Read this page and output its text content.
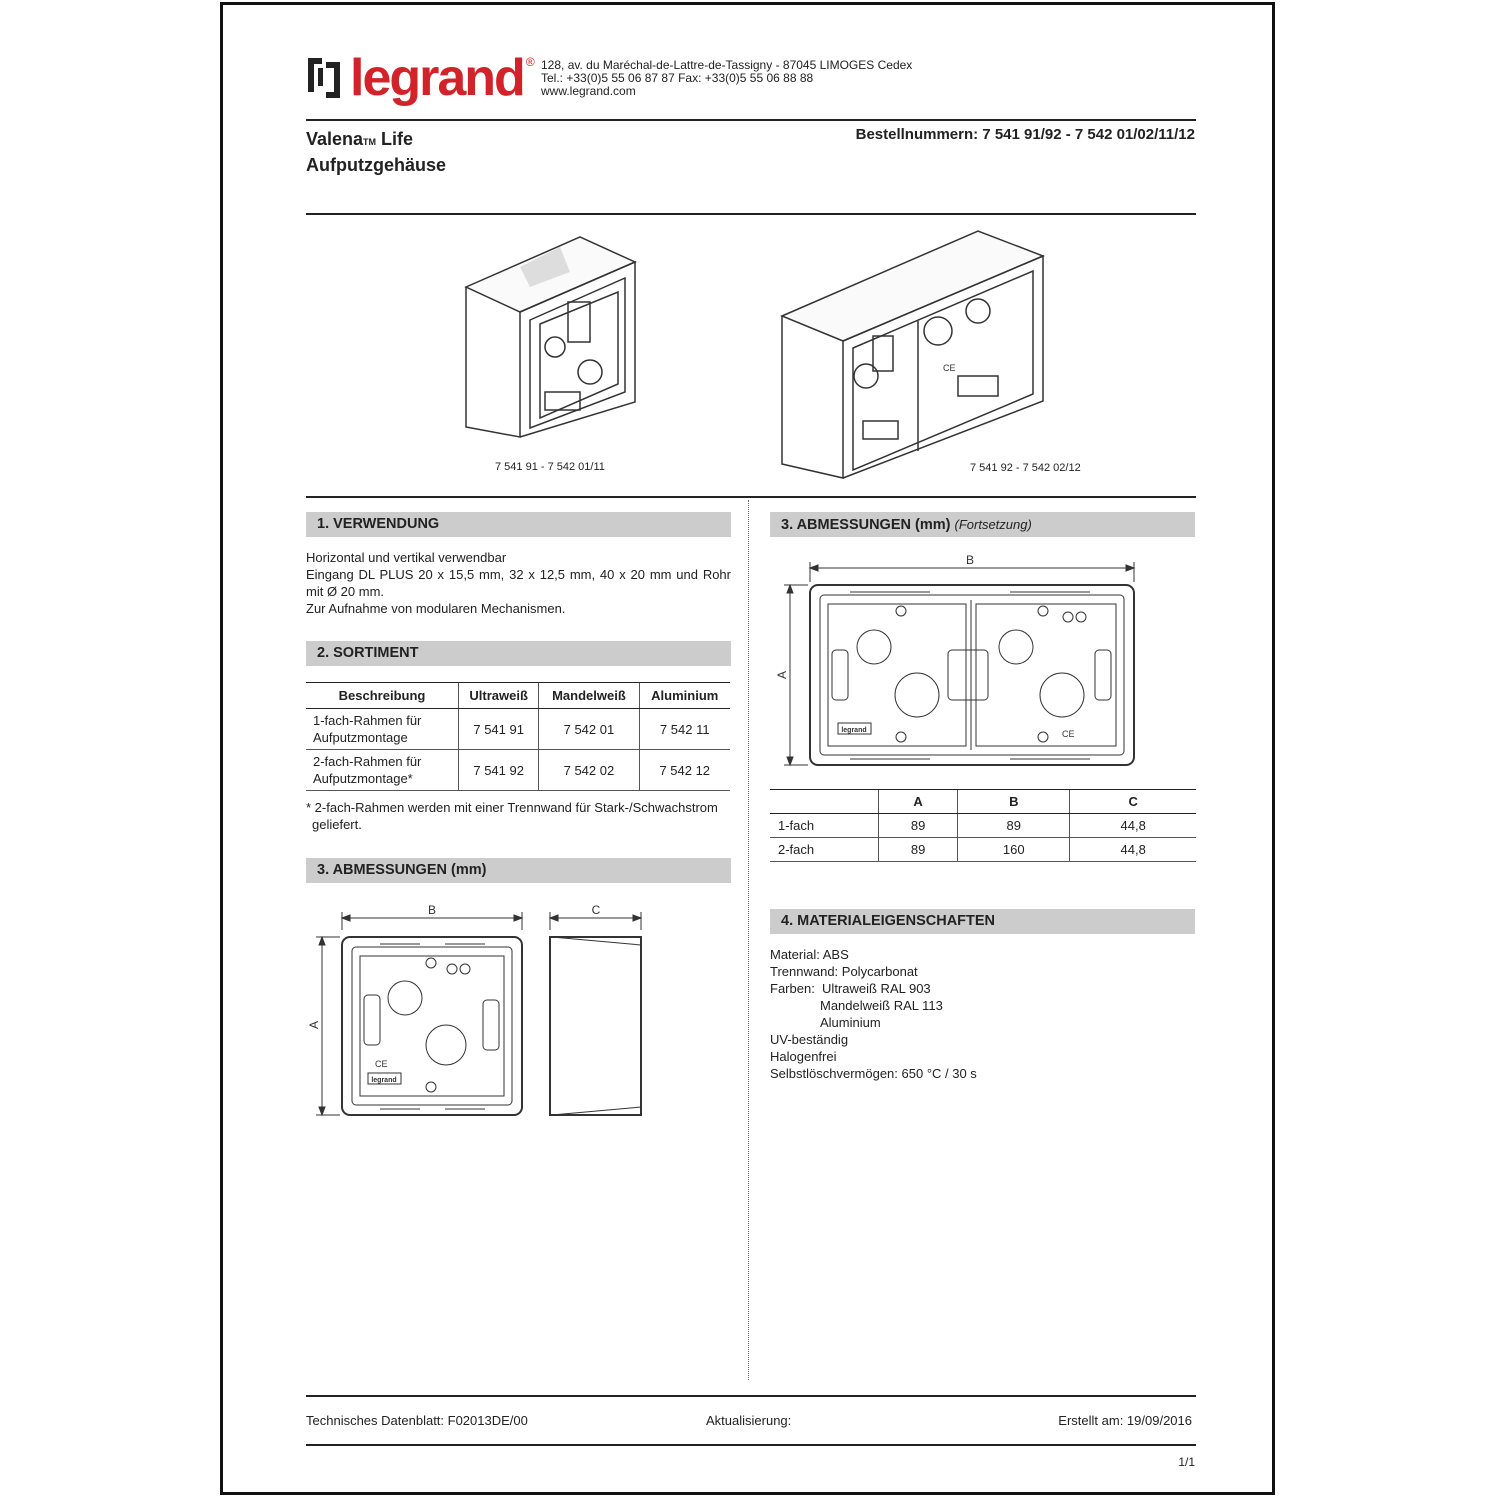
legrand ® 128, av. du Maréchal-de-Lattre-de-Tassigny - 87045 LIMOGES Cedex
Tel.: +33(0)5 55 06 87 87 Fax: +33(0)5 55 06 88 88
www.legrand.com
Valena™ Life
Aufputzgehäuse
Bestellnummern: 7 541 91/92 - 7 542 01/02/11/12
7 541 91 - 7 542 01/11
CE
7 541 92 - 7 542 02/12
1. VERWENDUNG
Horizontal und vertikal verwendbar
Eingang DL PLUS 20 x 15,5 mm, 32 x 12,5 mm, 40 x 20 mm und Rohr mit Ø 20 mm.
Zur Aufnahme von modularen Mechanismen.
2. SORTIMENT
Beschreibung	Ultraweiß	Mandelweiß	Aluminium

1-fach-Rahmen für
Aufputzmontage	7 541 91	7 542 01	7 542 11

2-fach-Rahmen für
Aufputzmontage*	7 541 92	7 542 02	7 542 12
* 2-fach-Rahmen werden mit einer Trennwand für Stark-/Schwachstrom
geliefert.
3. ABMESSUNGEN (mm)
B	C
A
legrand
CE
3. ABMESSUNGEN (mm) (Fortsetzung)
B
A
legrand	CE
	A	B	C
1-fach	89	89	44,8
2-fach	89	160	44,8
4. MATERIALEIGENSCHAFTEN
Material: ABS
Trennwand: Polycarbonat
Farben: Ultraweiß RAL 903
Mandelweiß RAL 113
Aluminium
UV-beständig
Halogenfrei
Selbstlöschvermögen: 650 °C / 30 s
Technisches Datenblatt: F02013DE/00	Aktualisierung:	Erstellt am: 19/09/2016
1/1
